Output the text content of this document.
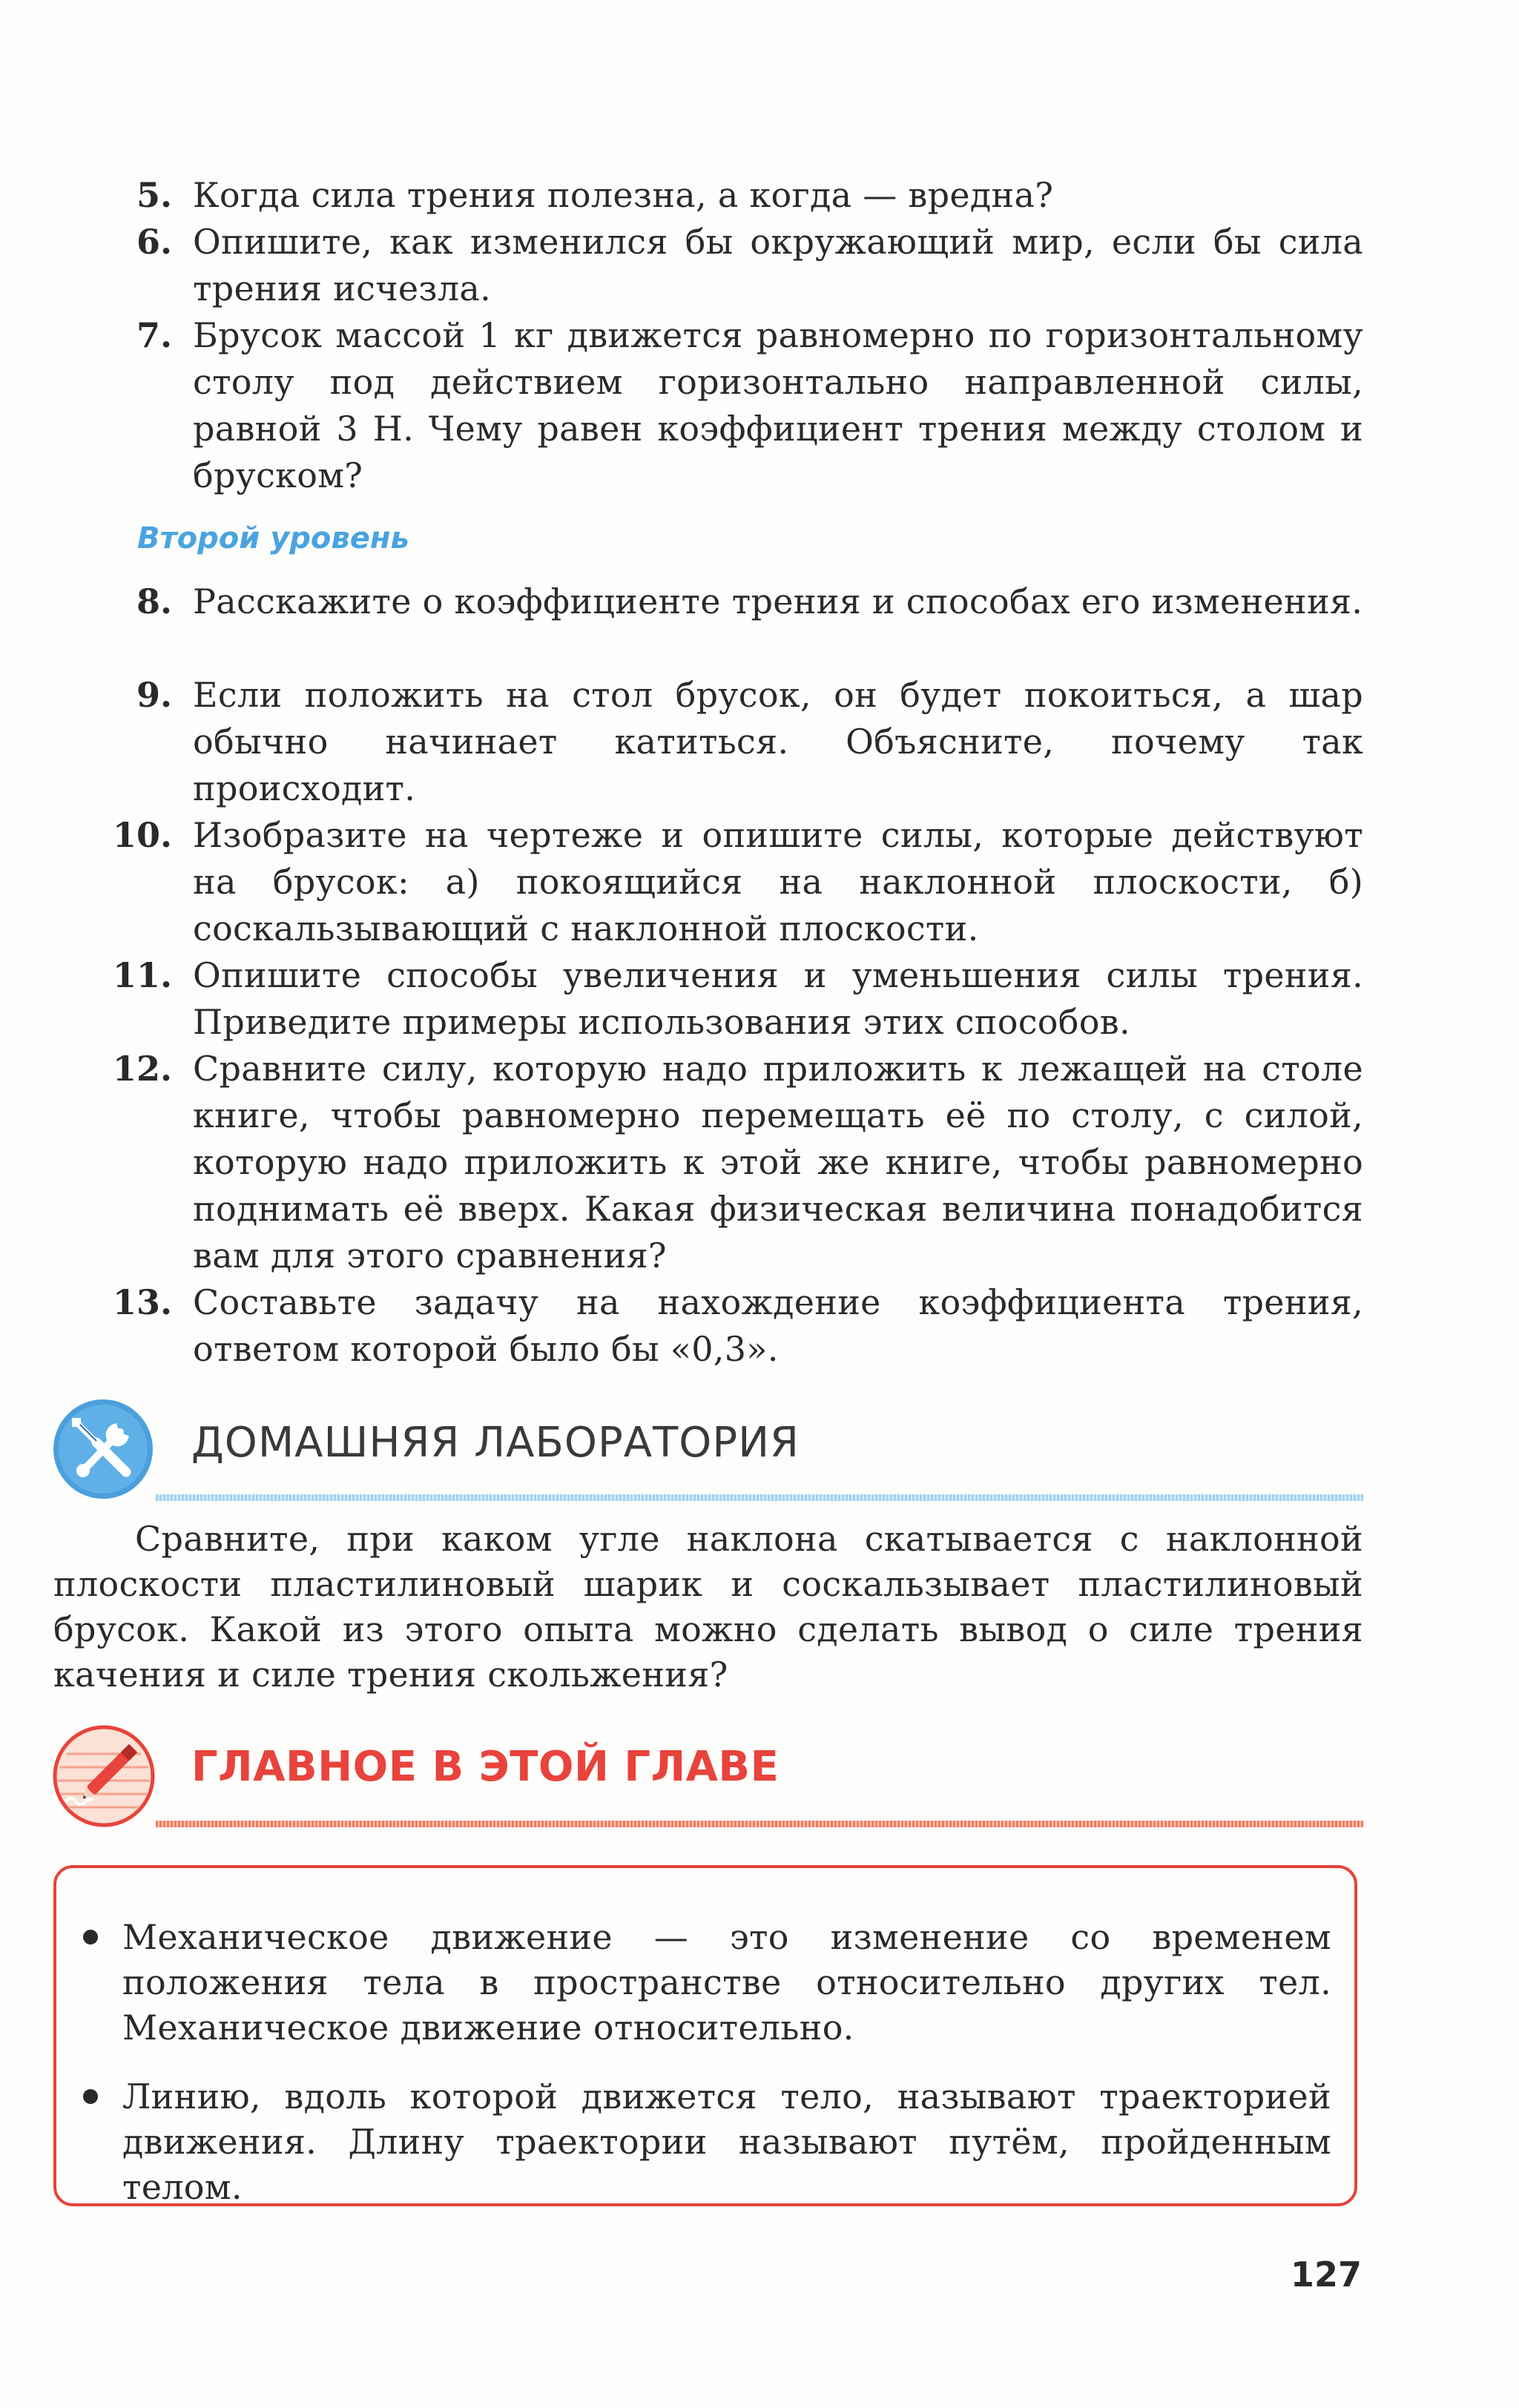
5. Когда сила трения полезна, а когда — вредна?
6. Опишите, как изменился бы окружающий мир, если бы сила трения исчезла.
7. Брусок массой 1 кг движется равномерно по горизонтальному столу под действием горизонтально направленной силы, равной 3 Н. Чему равен коэффициент трения между столом и бруском?
Второй уровень
8. Расскажите о коэффициенте трения и способах его изменения.
9. Если положить на стол брусок, он будет покоиться, а шар обычно начинает катиться. Объясните, почему так происходит.
10. Изобразите на чертеже и опишите силы, которые действуют на брусок: а) покоящийся на наклонной плоскости, б) соскальзывающий с наклонной плоскости.
11. Опишите способы увеличения и уменьшения силы трения. Приведите примеры использования этих способов.
12. Сравните силу, которую надо приложить к лежащей на столе книге, чтобы равномерно перемещать её по столу, с силой, которую надо приложить к этой же книге, чтобы равномерно поднимать её вверх. Какая физическая величина понадобится вам для этого сравнения?
13. Составьте задачу на нахождение коэффициента трения, ответом которой было бы «0,3».
ДОМАШНЯЯ ЛАБОРАТОРИЯ
Сравните, при каком угле наклона скатывается с наклонной плоскости пластилиновый шарик и соскальзывает пластилиновый брусок. Какой из этого опыта можно сделать вывод о силе трения качения и силе трения скольжения?
ГЛАВНОЕ В ЭТОЙ ГЛАВЕ
Механическое движение — это изменение со временем положения тела в пространстве относительно других тел. Механическое движение относительно.
Линию, вдоль которой движется тело, называют траекторией движения. Длину траектории называют путём, пройденным телом.
127
